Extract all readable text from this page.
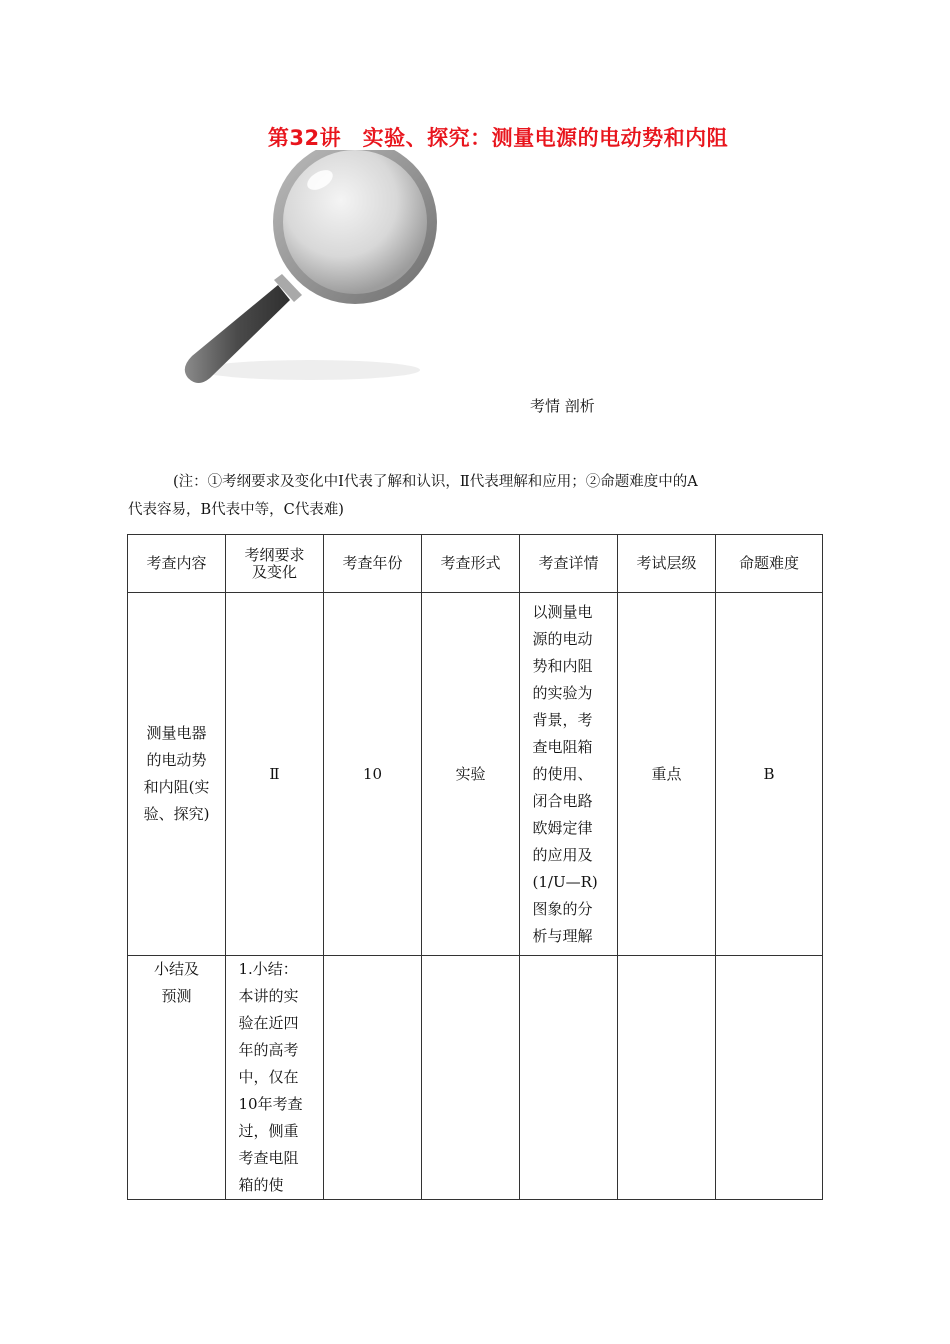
第32讲　实验、探究：测量电源的电动势和内阻
考情 剖析
(注：①考纲要求及变化中Ⅰ代表了解和认识，Ⅱ代表理解和应用；②命题难度中的A
代表容易，B代表中等，C代表难)
考查内容	考纲要求及变化	考查年份	考查形式	考查详情	考试层级	命题难度
测量电器的电动势和内阻(实验、探究)	Ⅱ	10	实验	以测量电源的电动势和内阻的实验为背景，考查电阻箱的使用、闭合电路欧姆定律的应用及(1/U—R)图象的分析与理解	重点	B
小结及预测	1.小结：本讲的实验在近四年的高考中，仅在10年考查过，侧重考查电阻箱的使					
